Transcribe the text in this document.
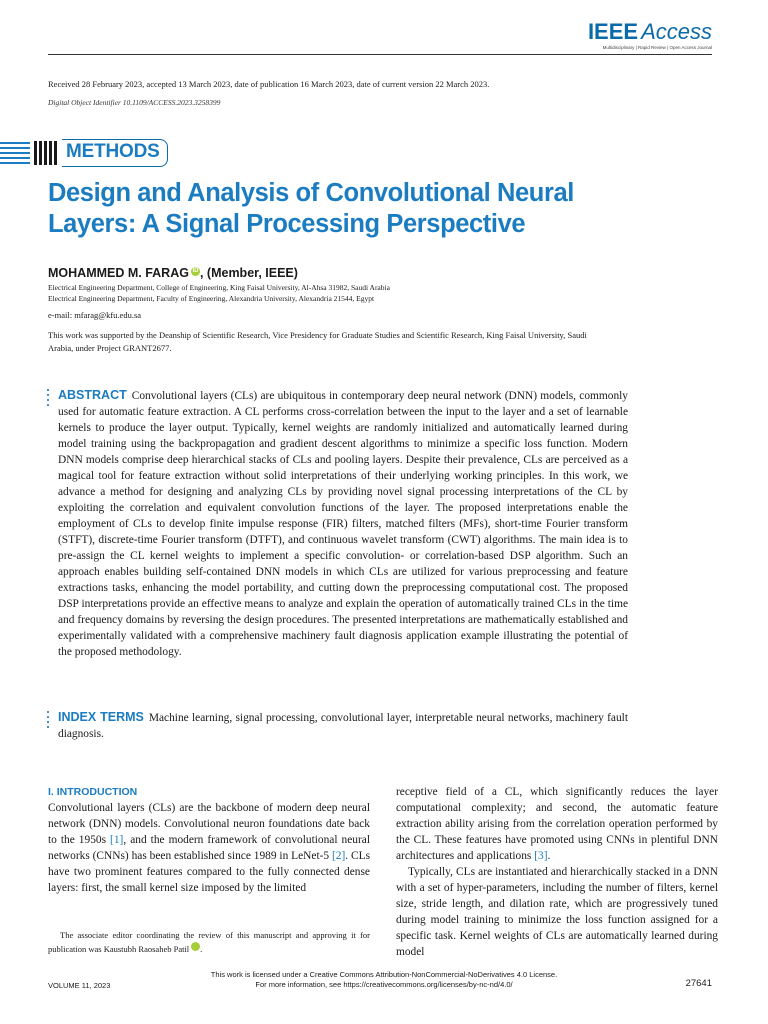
IEEE Access
Multidisciplinary | Rapid Review | Open Access Journal
Received 28 February 2023, accepted 13 March 2023, date of publication 16 March 2023, date of current version 22 March 2023.
Digital Object Identifier 10.1109/ACCESS.2023.3258399
METHODS
Design and Analysis of Convolutional Neural Layers: A Signal Processing Perspective
MOHAMMED M. FARAG iD , (Member, IEEE)
Electrical Engineering Department, College of Engineering, King Faisal University, Al-Ahsa 31982, Saudi Arabia
Electrical Engineering Department, Faculty of Engineering, Alexandria University, Alexandria 21544, Egypt
e-mail: mfarag@kfu.edu.sa
This work was supported by the Deanship of Scientific Research, Vice Presidency for Graduate Studies and Scientific Research, King Faisal University, Saudi Arabia, under Project GRANT2677.
ABSTRACT Convolutional layers (CLs) are ubiquitous in contemporary deep neural network (DNN) models, commonly used for automatic feature extraction. A CL performs cross-correlation between the input to the layer and a set of learnable kernels to produce the layer output. Typically, kernel weights are randomly initialized and automatically learned during model training using the backpropagation and gradient descent algorithms to minimize a specific loss function. Modern DNN models comprise deep hierarchical stacks of CLs and pooling layers. Despite their prevalence, CLs are perceived as a magical tool for feature extraction without solid interpretations of their underlying working principles. In this work, we advance a method for designing and analyzing CLs by providing novel signal processing interpretations of the CL by exploiting the correlation and equivalent convolution functions of the layer. The proposed interpretations enable the employment of CLs to develop finite impulse response (FIR) filters, matched filters (MFs), short-time Fourier transform (STFT), discrete-time Fourier transform (DTFT), and continuous wavelet transform (CWT) algorithms. The main idea is to pre-assign the CL kernel weights to implement a specific convolution- or correlation-based DSP algorithm. Such an approach enables building self-contained DNN models in which CLs are utilized for various preprocessing and feature extractions tasks, enhancing the model portability, and cutting down the preprocessing computational cost. The proposed DSP interpretations provide an effective means to analyze and explain the operation of automatically trained CLs in the time and frequency domains by reversing the design procedures. The presented interpretations are mathematically established and experimentally validated with a comprehensive machinery fault diagnosis application example illustrating the potential of the proposed methodology.
INDEX TERMS Machine learning, signal processing, convolutional layer, interpretable neural networks, machinery fault diagnosis.
I. INTRODUCTION

Convolutional layers (CLs) are the backbone of modern deep neural network (DNN) models. Convolutional neuron foundations date back to the 1950s [1], and the modern framework of convolutional neural networks (CNNs) has been established since 1989 in LeNet-5 [2]. CLs have two prominent features compared to the fully connected dense layers: first, the small kernel size imposed by the limited

The associate editor coordinating the review of this manuscript and approving it for publication was Kaustubh Raosaheb Patil iD.

receptive field of a CL, which significantly reduces the layer computational complexity; and second, the automatic feature extraction ability arising from the correlation operation performed by the CL. These features have promoted using CNNs in plentiful DNN architectures and applications [3].

Typically, CLs are instantiated and hierarchically stacked in a DNN with a set of hyper-parameters, including the number of filters, kernel size, stride length, and dilation rate, which are progressively tuned during model training to minimize the loss function assigned for a specific task. Kernel weights of CLs are automatically learned during model

This work is licensed under a Creative Commons Attribution-NonCommercial-NoDerivatives 4.0 License.
For more information, see https://creativecommons.org/licenses/by-nc-nd/4.0/
VOLUME 11, 2023	27641
